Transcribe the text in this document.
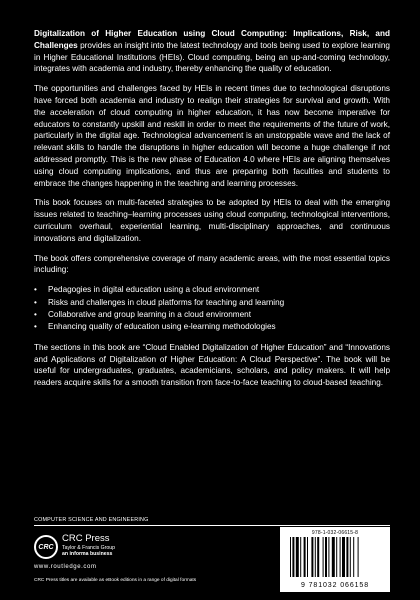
Digitalization of Higher Education using Cloud Computing: Implications, Risk, and Challenges provides an insight into the latest technology and tools being used to explore learning in Higher Educational Institutions (HEIs). Cloud computing, being an up-and-coming technology, integrates with academia and industry, thereby enhancing the quality of education.

The opportunities and challenges faced by HEIs in recent times due to technological disruptions have forced both academia and industry to realign their strategies for survival and growth. With the acceleration of cloud computing in higher education, it has now become imperative for educators to constantly upskill and reskill in order to meet the requirements of the future of work, particularly in the digital age. Technological advancement is an unstoppable wave and the lack of relevant skills to handle the disruptions in higher education will become a huge challenge if not addressed promptly. This is the new phase of Education 4.0 where HEIs are aligning themselves using cloud computing implications, and thus are preparing both faculties and students to embrace the changes happening in the teaching and learning processes.

This book focuses on multi-faceted strategies to be adopted by HEIs to deal with the emerging issues related to teaching–learning processes using cloud computing, technological interventions, curriculum overhaul, experiential learning, multi-disciplinary approaches, and continuous innovations and digitalization.

The book offers comprehensive coverage of many academic areas, with the most essential topics including:

• Pedagogies in digital education using a cloud environment
• Risks and challenges in cloud platforms for teaching and learning
• Collaborative and group learning in a cloud environment
• Enhancing quality of education using e-learning methodologies

The sections in this book are “Cloud Enabled Digitalization of Higher Education” and “Innovations and Applications of Digitalization of Higher Education: A Cloud Perspective”. The book will be useful for undergraduates, graduates, academicians, scholars, and policy makers. It will help readers acquire skills for a smooth transition from face-to-face teaching to cloud-based teaching.

COMPUTER SCIENCE AND ENGINEERING
CRC
CRC Press
Taylor & Francis Group
an informa business
www.routledge.com
CRC Press titles are available as eBook editions in a range of digital formats
978-1-032-06615-8
9 781032 066158
